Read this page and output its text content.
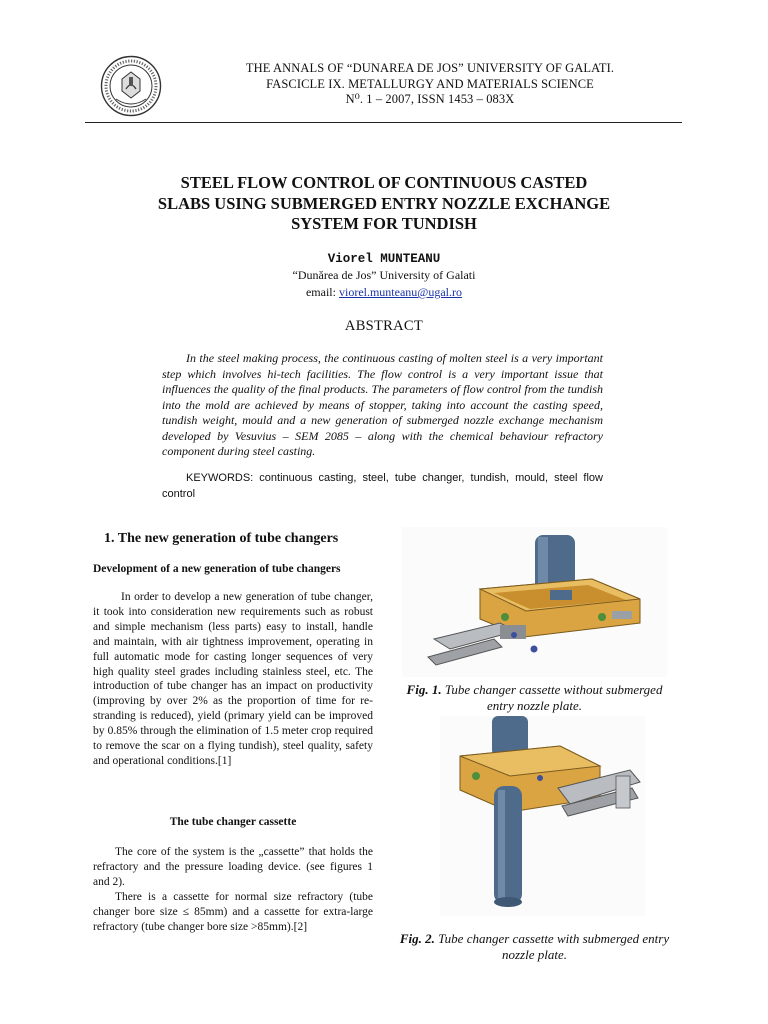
THE ANNALS OF “DUNAREA DE JOS” UNIVERSITY OF GALATI.
FASCICLE IX. METALLURGY AND MATERIALS SCIENCE
N⁰. 1 – 2007, ISSN 1453 – 083X
STEEL FLOW CONTROL OF CONTINUOUS CASTED
SLABS USING SUBMERGED ENTRY NOZZLE EXCHANGE
SYSTEM FOR TUNDISH
Viorel MUNTEANU
“Dunărea de Jos” University of Galati
email: viorel.munteanu@ugal.ro
ABSTRACT
In the steel making process, the continuous casting of molten steel is a very important step which involves hi-tech facilities. The flow control is a very important issue that influences the quality of the final products. The parameters of flow control from the tundish into the mold are achieved by means of stopper, taking into account the casting speed, tundish weight, mould and a new generation of submerged nozzle exchange mechanism developed by Vesuvius – SEM 2085 – along with the chemical behaviour refractory component during steel casting.
KEYWORDS: continuous casting, steel, tube changer, tundish, mould, steel flow control
1. The new generation of tube changers
Development of a new generation of tube changers
In order to develop a new generation of tube changer, it took into consideration new requirements such as robust and simple mechanism (less parts) easy to install, handle and maintain, with air tightness improvement, operating in full automatic mode for casting longer sequences of very high quality steel grades including stainless steel, etc. The introduction of tube changer has an impact on productivity (improving by over 2% as the proportion of time for re-stranding is reduced), yield (primary yield can be improved by 0.85% through the elimination of 1.5 meter crop required to remove the scar on a flying tundish), steel quality, safety and operational conditions.[1]
The tube changer cassette
The core of the system is the „cassette” that holds the refractory and the pressure loading device. (see figures 1 and 2).
There is a cassette for normal size refractory (tube changer bore size ≤ 85mm) and a cassette for extra-large refractory (tube changer bore size >85mm).[2]
Fig. 1. Tube changer cassette without submerged entry nozzle plate.
Fig. 2. Tube changer cassette with submerged entry nozzle plate.
